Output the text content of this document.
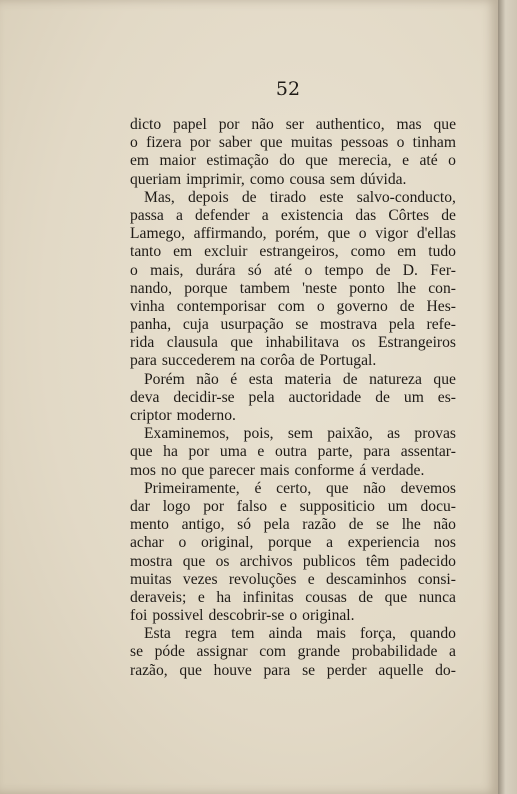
52
dicto papel por não ser authentico, mas que
o fizera por saber que muitas pessoas o tinham
em maior estimação do que merecia, e até o
queriam imprimir, como cousa sem dúvida.
Mas, depois de tirado este salvo-conducto,
passa a defender a existencia das Côrtes de
Lamego, affirmando, porém, que o vigor d'ellas
tanto em excluir estrangeiros, como em tudo
o mais, durára só até o tempo de D. Fer-
nando, porque tambem 'neste ponto lhe con-
vinha contemporisar com o governo de Hes-
panha, cuja usurpação se mostrava pela refe-
rida clausula que inhabilitava os Estrangeiros
para succederem na corôa de Portugal.
Porém não é esta materia de natureza que
deva decidir-se pela auctoridade de um es-
criptor moderno.
Examinemos, pois, sem paixão, as provas
que ha por uma e outra parte, para assentar-
mos no que parecer mais conforme á verdade.
Primeiramente, é certo, que não devemos
dar logo por falso e suppositicio um docu-
mento antigo, só pela razão de se lhe não
achar o original, porque a experiencia nos
mostra que os archivos publicos têm padecido
muitas vezes revoluções e descaminhos consi-
deraveis; e ha infinitas cousas de que nunca
foi possivel descobrir-se o original.
Esta regra tem ainda mais força, quando
se póde assignar com grande probabilidade a
razão, que houve para se perder aquelle do-
